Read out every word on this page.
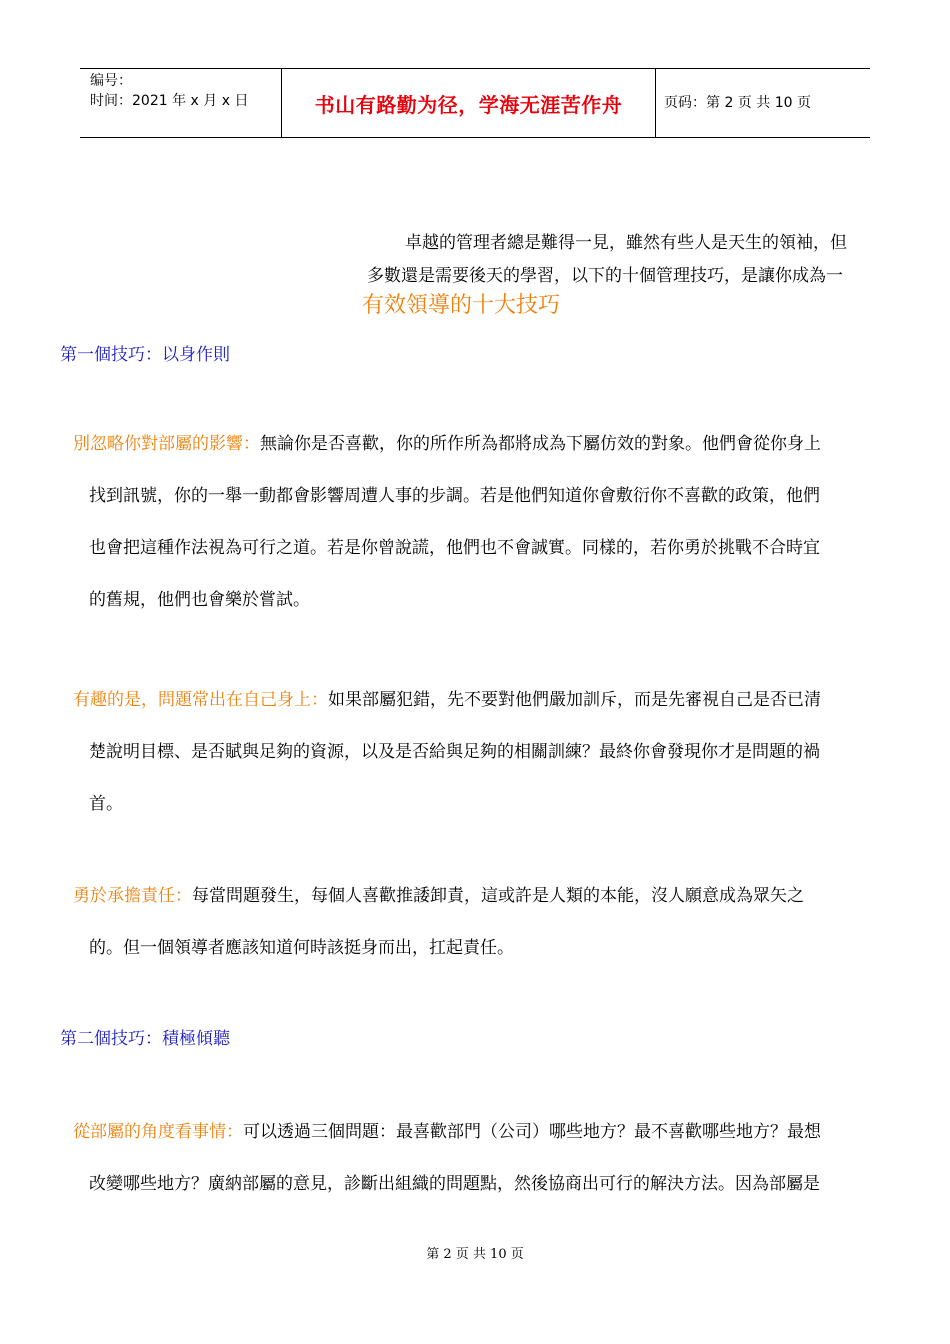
编号：
时间：2021 年 x 月 x 日	书山有路勤为径，学海无涯苦作舟	页码：第 2 页 共 10 页
卓越的管理者總是難得一見，雖然有些人是天生的領袖，但
多數還是需要後天的學習，以下的十個管理技巧，是讓你成為一
有效領導的十大技巧
第一個技巧：以身作則
別忽略你對部屬的影響：無論你是否喜歡，你的所作所為都將成為下屬仿效的對象。他們會從你身上
找到訊號，你的一舉一動都會影響周遭人事的步調。若是他們知道你會敷衍你不喜歡的政策，他們
也會把這種作法視為可行之道。若是你曾說謊，他們也不會誠實。同樣的，若你勇於挑戰不合時宜
的舊規，他們也會樂於嘗試。
有趣的是，問題常出在自己身上：如果部屬犯錯，先不要對他們嚴加訓斥，而是先審視自己是否已清
楚說明目標、是否賦與足夠的資源，以及是否給與足夠的相關訓練？最終你會發現你才是問題的禍
首。
勇於承擔責任：每當問題發生，每個人喜歡推諉卸責，這或許是人類的本能，沒人願意成為眾矢之
的。但一個領導者應該知道何時該挺身而出，扛起責任。
第二個技巧：積極傾聽
從部屬的角度看事情：可以透過三個問題：最喜歡部門（公司）哪些地方？最不喜歡哪些地方？最想
改變哪些地方？廣納部屬的意見，診斷出組織的問題點，然後協商出可行的解決方法。因為部屬是
第 2 页 共 10 页
